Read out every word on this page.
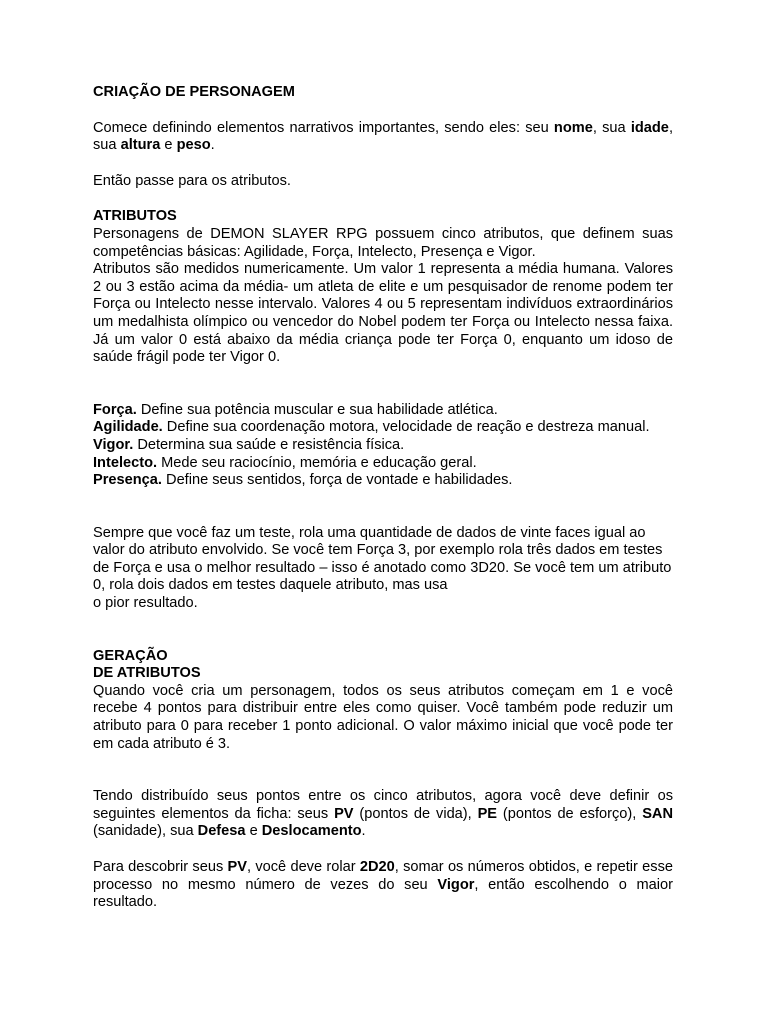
CRIAÇÃO DE PERSONAGEM

Comece definindo elementos narrativos importantes, sendo eles: seu nome, sua idade, sua altura e peso.

Então passe para os atributos.

ATRIBUTOS

Personagens de DEMON SLAYER RPG possuem cinco atributos, que definem suas competências básicas: Agilidade, Força, Intelecto, Presença e Vigor.

Atributos são medidos numericamente. Um valor 1 representa a média humana. Valores 2 ou 3 estão acima da média- um atleta de elite e um pesquisador de renome podem ter Força ou Intelecto nesse intervalo. Valores 4 ou 5 representam indivíduos extraordinários um medalhista olímpico ou vencedor do Nobel podem ter Força ou Intelecto nessa faixa. Já um valor 0 está abaixo da média criança pode ter Força 0, enquanto um idoso de saúde frágil pode ter Vigor 0.

Força. Define sua potência muscular e sua habilidade atlética.

Agilidade. Define sua coordenação motora, velocidade de reação e destreza manual.

Vigor. Determina sua saúde e resistência física.

Intelecto. Mede seu raciocínio, memória e educação geral.

Presença. Define seus sentidos, força de vontade e habilidades.

Sempre que você faz um teste, rola uma quantidade de dados de vinte faces igual ao valor do atributo envolvido. Se você tem Força 3, por exemplo rola três dados em testes de Força e usa o melhor resultado – isso é anotado como 3D20. Se você tem um atributo 0, rola dois dados em testes daquele atributo, mas usa

o pior resultado.

GERAÇÃO

DE ATRIBUTOS

Quando você cria um personagem, todos os seus atributos começam em 1 e você recebe 4 pontos para distribuir entre eles como quiser. Você também pode reduzir um atributo para 0 para receber 1 ponto adicional. O valor máximo inicial que você pode ter em cada atributo é 3.

Tendo distribuído seus pontos entre os cinco atributos, agora você deve definir os seguintes elementos da ficha: seus PV (pontos de vida), PE (pontos de esforço), SAN (sanidade), sua Defesa e Deslocamento.

Para descobrir seus PV, você deve rolar 2D20, somar os números obtidos, e repetir esse processo no mesmo número de vezes do seu Vigor, então escolhendo o maior resultado.
